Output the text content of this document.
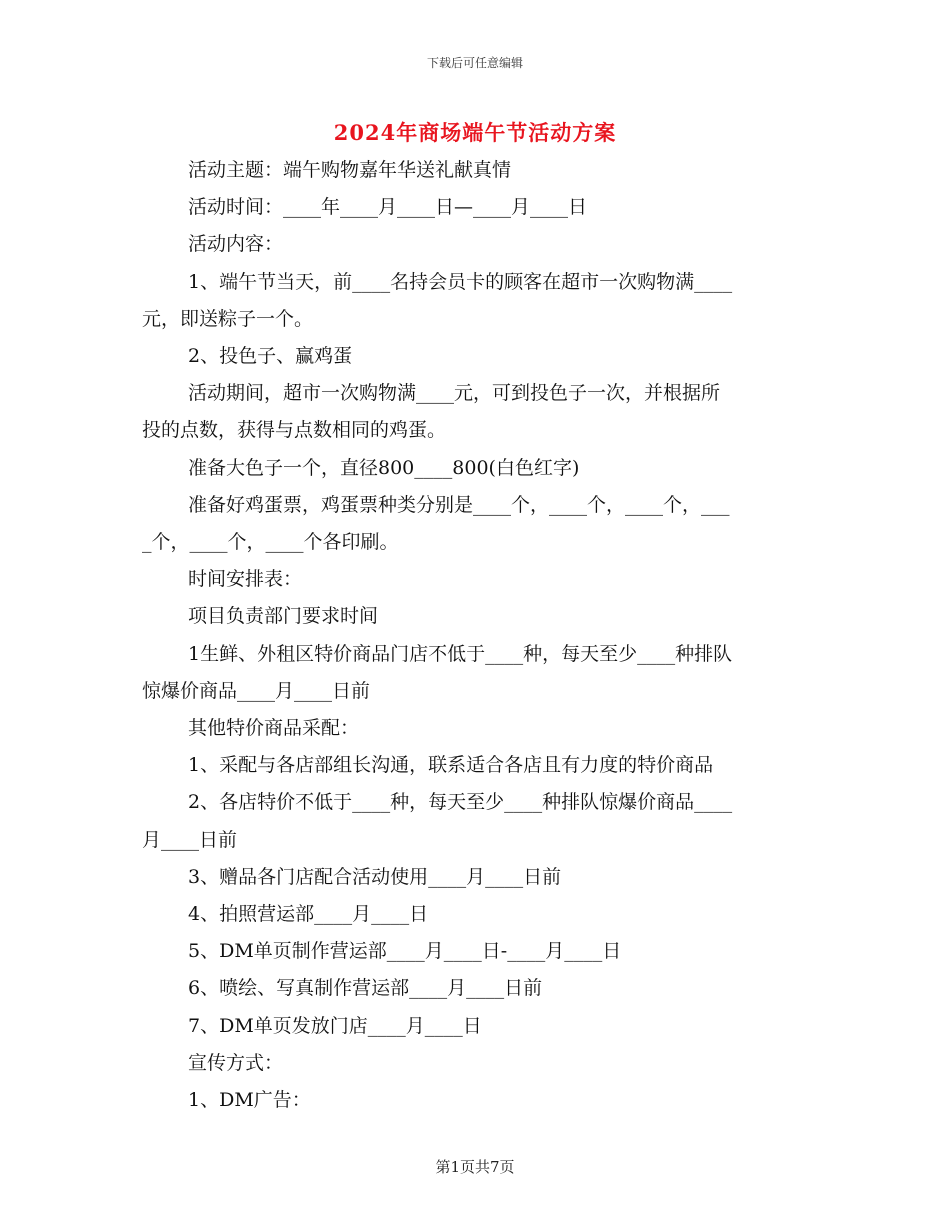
下载后可任意编辑
2024年商场端午节活动方案

活动主题：端午购物嘉年华送礼献真情

活动时间：____年____月____日—____月____日

活动内容：

1、端午节当天，前____名持会员卡的顾客在超市一次购物满____

元，即送粽子一个。

2、投色子、赢鸡蛋

活动期间，超市一次购物满____元，可到投色子一次，并根据所

投的点数，获得与点数相同的鸡蛋。

准备大色子一个，直径800____800(白色红字)

准备好鸡蛋票，鸡蛋票种类分别是____个，____个，____个，___

_个，____个，____个各印刷。

时间安排表：

项目负责部门要求时间

1生鲜、外租区特价商品门店不低于____种，每天至少____种排队

惊爆价商品____月____日前

其他特价商品采配：

1、采配与各店部组长沟通，联系适合各店且有力度的特价商品

2、各店特价不低于____种，每天至少____种排队惊爆价商品____

月____日前

3、赠品各门店配合活动使用____月____日前

4、拍照营运部____月____日

5、DM单页制作营运部____月____日-____月____日

6、喷绘、写真制作营运部____月____日前

7、DM单页发放门店____月____日

宣传方式：

1、DM广告：

第1页共7页
